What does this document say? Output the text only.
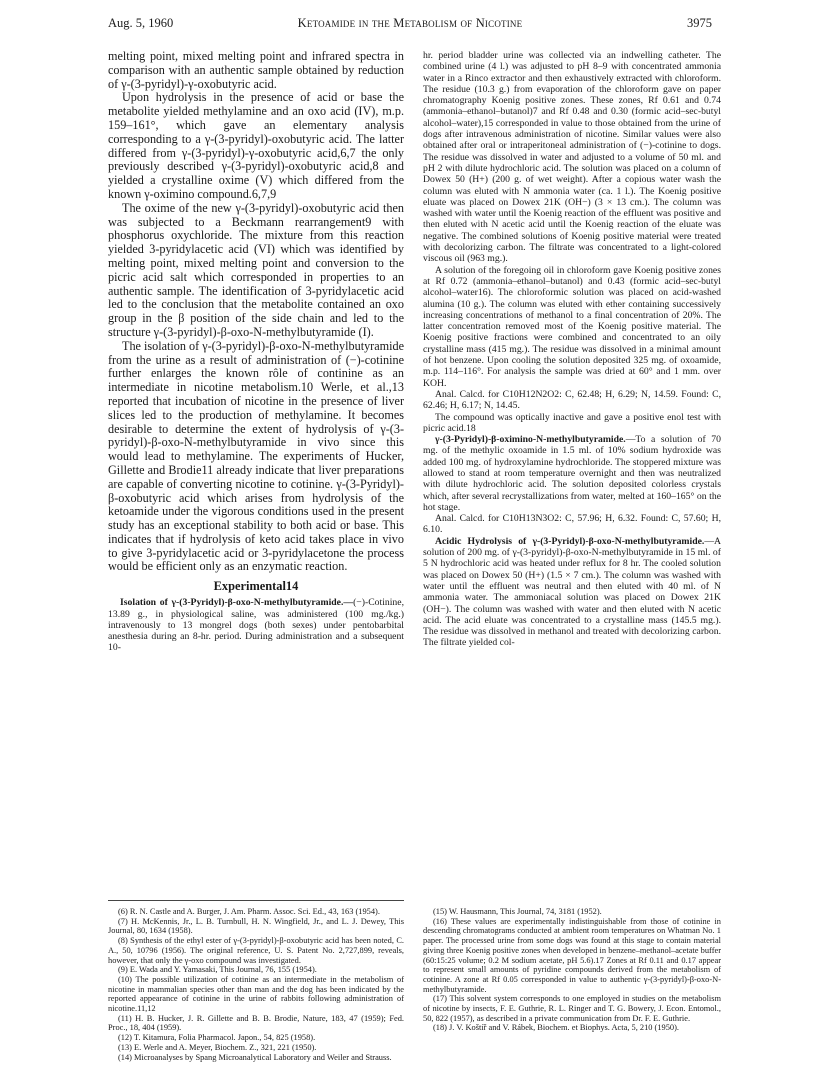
Aug. 5, 1960	Ketoamide in the Metabolism of Nicotine	3975

melting point, mixed melting point and infrared spectra in comparison with an authentic sample obtained by reduction of γ-(3-pyridyl)-γ-oxobutyric acid.

Upon hydrolysis in the presence of acid or base the metabolite yielded methylamine and an oxo acid (IV), m.p. 159–161°, which gave an elementary analysis corresponding to a γ-(3-pyridyl)-oxobutyric acid. The latter differed from γ-(3-pyridyl)-γ-oxobutyric acid,6,7 the only previously described γ-(3-pyridyl)-oxobutyric acid,8 and yielded a crystalline oxime (V) which differed from the known γ-oximino compound.6,7,9

The oxime of the new γ-(3-pyridyl)-oxobutyric acid then was subjected to a Beckmann rearrangement9 with phosphorus oxychloride. The mixture from this reaction yielded 3-pyridylacetic acid (VI) which was identified by melting point, mixed melting point and conversion to the picric acid salt which corresponded in properties to an authentic sample. The identification of 3-pyridylacetic acid led to the conclusion that the metabolite contained an oxo group in the β position of the side chain and led to the structure γ-(3-pyridyl)-β-oxo-N-methylbutyramide (I).

The isolation of γ-(3-pyridyl)-β-oxo-N-methylbutyramide from the urine as a result of administration of (−)-cotinine further enlarges the known rôle of continine as an intermediate in nicotine metabolism.10 Werle, et al.,13 reported that incubation of nicotine in the presence of liver slices led to the production of methylamine. It becomes desirable to determine the extent of hydrolysis of γ-(3-pyridyl)-β-oxo-N-methylbutyramide in vivo since this would lead to methylamine. The experiments of Hucker, Gillette and Brodie11 already indicate that liver preparations are capable of converting nicotine to cotinine. γ-(3-Pyridyl)-β-oxobutyric acid which arises from hydrolysis of the ketoamide under the vigorous conditions used in the present study has an exceptional stability to both acid or base. This indicates that if hydrolysis of keto acid takes place in vivo to give 3-pyridylacetic acid or 3-pyridylacetone the process would be efficient only as an enzymatic reaction.

Experimental14

Isolation of γ-(3-Pyridyl)-β-oxo-N-methylbutyramide.—(−)-Cotinine, 13.89 g., in physiological saline, was administered (100 mg./kg.) intravenously to 13 mongrel dogs (both sexes) under pentobarbital anesthesia during an 8-hr. period. During administration and a subsequent 10-

hr. period bladder urine was collected via an indwelling catheter. The combined urine (4 l.) was adjusted to pH 8–9 with concentrated ammonia water in a Rinco extractor and then exhaustively extracted with chloroform. The residue (10.3 g.) from evaporation of the chloroform gave on paper chromatography Koenig positive zones. These zones, Rf 0.61 and 0.74 (ammonia–ethanol–butanol)7 and Rf 0.48 and 0.30 (formic acid–sec-butyl alcohol–water),15 corresponded in value to those obtained from the urine of dogs after intravenous administration of nicotine. Similar values were also obtained after oral or intraperitoneal administration of (−)-cotinine to dogs. The residue was dissolved in water and adjusted to a volume of 50 ml. and pH 2 with dilute hydrochloric acid. The solution was placed on a column of Dowex 50 (H+) (200 g. of wet weight). After a copious water wash the column was eluted with N ammonia water (ca. 1 l.). The Koenig positive eluate was placed on Dowex 21K (OH−) (3 × 13 cm.). The column was washed with water until the Koenig reaction of the effluent was positive and then eluted with N acetic acid until the Koenig reaction of the eluate was negative. The combined solutions of Koenig positive material were treated with decolorizing carbon. The filtrate was concentrated to a light-colored viscous oil (963 mg.).

A solution of the foregoing oil in chloroform gave Koenig positive zones at Rf 0.72 (ammonia–ethanol–butanol) and 0.43 (formic acid–sec-butyl alcohol–water16). The chloroformic solution was placed on acid-washed alumina (10 g.). The column was eluted with ether containing successively increasing concentrations of methanol to a final concentration of 20%. The latter concentration removed most of the Koenig positive material. The Koenig positive fractions were combined and concentrated to an oily crystalline mass (415 mg.). The residue was dissolved in a minimal amount of hot benzene. Upon cooling the solution deposited 325 mg. of oxoamide, m.p. 114–116°. For analysis the sample was dried at 60° and 1 mm. over KOH.

Anal. Calcd. for C10H12N2O2: C, 62.48; H, 6.29; N, 14.59. Found: C, 62.46; H, 6.17; N, 14.45.

The compound was optically inactive and gave a positive enol test with picric acid.18

γ-(3-Pyridyl)-β-oximino-N-methylbutyramide.—To a solution of 70 mg. of the methylic oxoamide in 1.5 ml. of 10% sodium hydroxide was added 100 mg. of hydroxylamine hydrochloride. The stoppered mixture was allowed to stand at room temperature overnight and then was neutralized with dilute hydrochloric acid. The solution deposited colorless crystals which, after several recrystallizations from water, melted at 160–165° on the hot stage.

Anal. Calcd. for C10H13N3O2: C, 57.96; H, 6.32. Found: C, 57.60; H, 6.10.

Acidic Hydrolysis of γ-(3-Pyridyl)-β-oxo-N-methylbutyramide.—A solution of 200 mg. of γ-(3-pyridyl)-β-oxo-N-methylbutyramide in 15 ml. of 5 N hydrochloric acid was heated under reflux for 8 hr. The cooled solution was placed on Dowex 50 (H+) (1.5 × 7 cm.). The column was washed with water until the effluent was neutral and then eluted with 40 ml. of N ammonia water. The ammoniacal solution was placed on Dowex 21K (OH−). The column was washed with water and then eluted with N acetic acid. The acid eluate was concentrated to a crystalline mass (145.5 mg.). The residue was dissolved in methanol and treated with decolorizing carbon. The filtrate yielded col-

(6) R. N. Castle and A. Burger, J. Am. Pharm. Assoc. Sci. Ed., 43, 163 (1954).

(7) H. McKennis, Jr., L. B. Turnbull, H. N. Wingfield, Jr., and L. J. Dewey, This Journal, 80, 1634 (1958).

(8) Synthesis of the ethyl ester of γ-(3-pyridyl)-β-oxobutyric acid has been noted, C. A., 50, 10796 (1956). The original reference, U. S. Patent No. 2,727,899, reveals, however, that only the γ-oxo compound was investigated.

(9) E. Wada and Y. Yamasaki, This Journal, 76, 155 (1954).

(10) The possible utilization of cotinine as an intermediate in the metabolism of nicotine in mammalian species other than man and the dog has been indicated by the reported appearance of cotinine in the urine of rabbits following administration of nicotine.11,12

(11) H. B. Hucker, J. R. Gillette and B. B. Brodie, Nature, 183, 47 (1959); Fed. Proc., 18, 404 (1959).

(12) T. Kitamura, Folia Pharmacol. Japon., 54, 825 (1958).

(13) E. Werle and A. Meyer, Biochem. Z., 321, 221 (1950).

(14) Microanalyses by Spang Microanalytical Laboratory and Weiler and Strauss.

(15) W. Hausmann, This Journal, 74, 3181 (1952).

(16) These values are experimentally indistinguishable from those of cotinine in descending chromatograms conducted at ambient room temperatures on Whatman No. 1 paper. The processed urine from some dogs was found at this stage to contain material giving three Koenig positive zones when developed in benzene–methanol–acetate buffer (60:15:25 volume; 0.2 M sodium acetate, pH 5.6).17 Zones at Rf 0.11 and 0.17 appear to represent small amounts of pyridine compounds derived from the metabolism of cotinine. A zone at Rf 0.05 corresponded in value to authentic γ-(3-pyridyl)-β-oxo-N-methylbutyramide.

(17) This solvent system corresponds to one employed in studies on the metabolism of nicotine by insects, F. E. Guthrie, R. L. Ringer and T. G. Bowery, J. Econ. Entomol., 50, 822 (1957), as described in a private communication from Dr. F. E. Guthrie.

(18) J. V. Koštíř and V. Rábek, Biochem. et Biophys. Acta, 5, 210 (1950).
